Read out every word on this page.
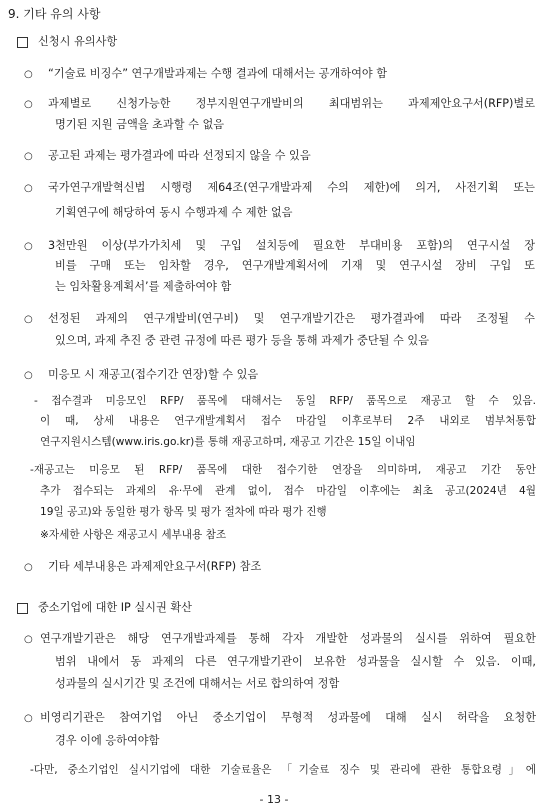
9. 기타 유의 사항
신청시 유의사항
○ “기술료 비징수” 연구개발과제는 수행 결과에 대해서는 공개하여야 함
○ 과제별로 신청가능한 정부지원연구개발비의 최대범위는 과제제안요구서(RFP)별로
명기된 지원 금액을 초과할 수 없음
○ 공고된 과제는 평가결과에 따라 선정되지 않을 수 있음
○ 국가연구개발혁신법 시행령 제64조(연구개발과제 수의 제한)에 의거, 사전기획 또는
기획연구에 해당하여 동시 수행과제 수 제한 없음
○ 3천만원 이상(부가가치세 및 구입 설치등에 필요한 부대비용 포함)의 연구시설 장
비를 구매 또는 임차할 경우, 연구개발계획서에 기재 및 연구시설 장비 구입 또
는 임차활용계획서’를 제출하여야 함
○ 선정된 과제의 연구개발비(연구비) 및 연구개발기간은 평가결과에 따라 조정될 수
있으며, 과제 추진 중 관련 규정에 따른 평가 등을 통해 과제가 중단될 수 있음
○ 미응모 시 재공고(접수기간 연장)할 수 있음
- 접수결과 미응모인 RFP/ 품목에 대해서는 동일 RFP/ 품목으로 재공고 할 수 있음.
이 때, 상세 내용은 연구개발계획서 접수 마감일 이후로부터 2주 내외로 범부처통합
연구지원시스템(www.iris.go.kr)를 통해 재공고하며, 재공고 기간은 15일 이내임
-재공고는 미응모 된 RFP/ 품목에 대한 접수기한 연장을 의미하며, 재공고 기간 동안
추가 접수되는 과제의 유·무에 관계 없이, 접수 마감일 이후에는 최초 공고(2024년 4월
19일 공고)와 동일한 평가 항목 및 평가 절차에 따라 평가 진행
※자세한 사항은 재공고시 세부내용 참조
○ 기타 세부내용은 과제제안요구서(RFP) 참조
중소기업에 대한 IP 실시권 확산
○ 연구개발기관은 해당 연구개발과제를 통해 각자 개발한 성과물의 실시를 위하여 필요한
범위 내에서 동 과제의 다른 연구개발기관이 보유한 성과물을 실시할 수 있음. 이때,
성과물의 실시기간 및 조건에 대해서는 서로 합의하여 정함
○ 비영리기관은 참여기업 아닌 중소기업이 무형적 성과물에 대해 실시 허락을 요청한
경우 이에 응하여야함
-다만, 중소기업인 실시기업에 대한 기술료율은 「기술료 징수 및 관리에 관한 통합요령」에
- 13 -
